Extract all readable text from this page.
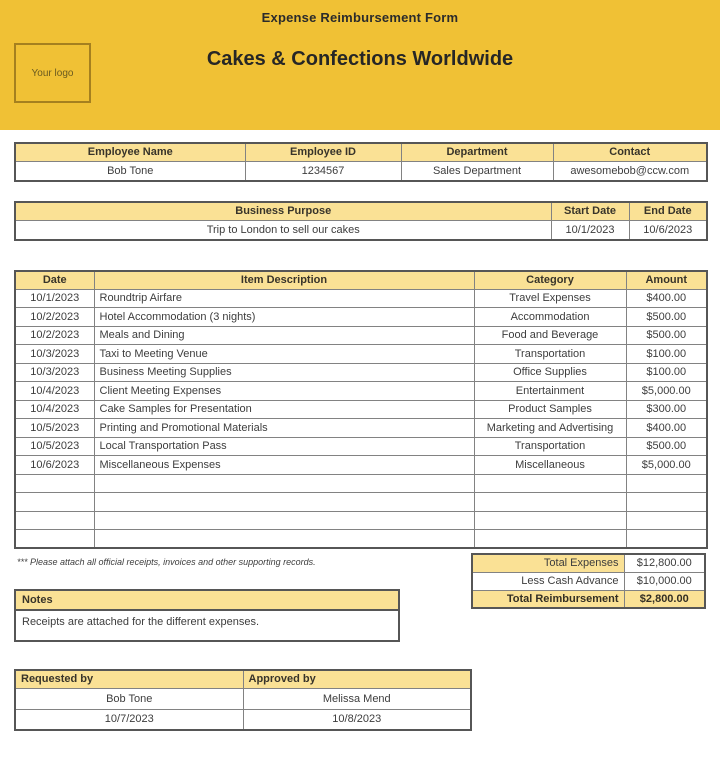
Expense Reimbursement Form
Your logo
Cakes & Confections Worldwide
Employee Name	Employee ID	Department	Contact
Bob Tone	1234567	Sales Department	awesomebob@ccw.com
Business Purpose	Start Date	End Date
Trip to London to sell our cakes	10/1/2023	10/6/2023
Date	Item Description	Category	Amount
10/1/2023	Roundtrip Airfare	Travel Expenses	$400.00
10/2/2023	Hotel Accommodation (3 nights)	Accommodation	$500.00
10/2/2023	Meals and Dining	Food and Beverage	$500.00
10/3/2023	Taxi to Meeting Venue	Transportation	$100.00
10/3/2023	Business Meeting Supplies	Office Supplies	$100.00
10/4/2023	Client Meeting Expenses	Entertainment	$5,000.00
10/4/2023	Cake Samples for Presentation	Product Samples	$300.00
10/5/2023	Printing and Promotional Materials	Marketing and Advertising	$400.00
10/5/2023	Local Transportation Pass	Transportation	$500.00
10/6/2023	Miscellaneous Expenses	Miscellaneous	$5,000.00

*** Please attach all official receipts, invoices and other supporting records.	Total Expenses	$12,800.00
Less Cash Advance	$10,000.00
Total Reimbursement	$2,800.00
Notes
Receipts are attached for the different expenses.
Requested by	Approved by
Bob Tone	Melissa Mend
10/7/2023	10/8/2023
